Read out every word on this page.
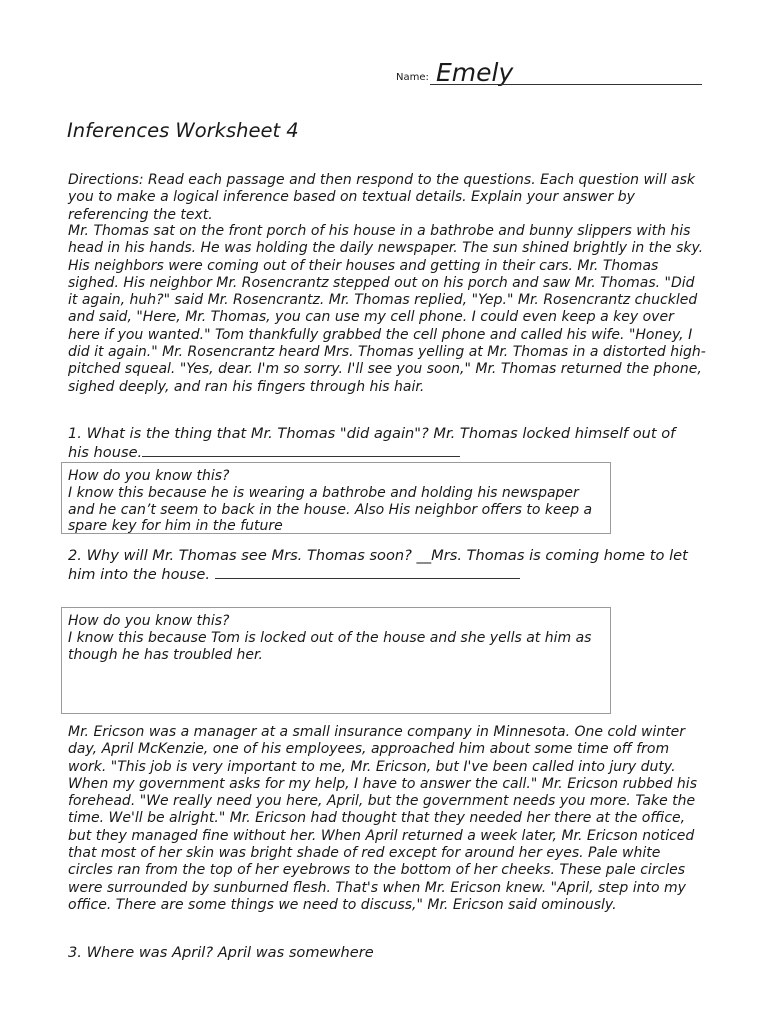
Name: Emely
Inferences Worksheet 4
Directions: Read each passage and then respond to the questions. Each question will ask you to make a logical inference based on textual details. Explain your answer by referencing the text.
Mr. Thomas sat on the front porch of his house in a bathrobe and bunny slippers with his head in his hands. He was holding the daily newspaper. The sun shined brightly in the sky. His neighbors were coming out of their houses and getting in their cars. Mr. Thomas sighed. His neighbor Mr. Rosencrantz stepped out on his porch and saw Mr. Thomas. "Did it again, huh?" said Mr. Rosencrantz. Mr. Thomas replied, "Yep." Mr. Rosencrantz chuckled and said, "Here, Mr. Thomas, you can use my cell phone. I could even keep a key over here if you wanted." Tom thankfully grabbed the cell phone and called his wife. "Honey, I did it again." Mr. Rosencrantz heard Mrs. Thomas yelling at Mr. Thomas in a distorted high-pitched squeal. "Yes, dear. I'm so sorry. I'll see you soon," Mr. Thomas returned the phone, sighed deeply, and ran his fingers through his hair.
1. What is the thing that Mr. Thomas "did again"? Mr. Thomas locked himself out of his house.
How do you know this?
I know this because he is wearing a bathrobe and holding his newspaper and he can’t seem to back in the house. Also His neighbor offers to keep a spare key for him in the future
2. Why will Mr. Thomas see Mrs. Thomas soon? __Mrs. Thomas is coming home to let him into the house.
How do you know this?
I know this because Tom is locked out of the house and she yells at him as though he has troubled her.
Mr. Ericson was a manager at a small insurance company in Minnesota. One cold winter day, April McKenzie, one of his employees, approached him about some time off from work. "This job is very important to me, Mr. Ericson, but I've been called into jury duty. When my government asks for my help, I have to answer the call." Mr. Ericson rubbed his forehead. "We really need you here, April, but the government needs you more. Take the time. We'll be alright." Mr. Ericson had thought that they needed her there at the office, but they managed fine without her. When April returned a week later, Mr. Ericson noticed that most of her skin was bright shade of red except for around her eyes. Pale white circles ran from the top of her eyebrows to the bottom of her cheeks. These pale circles were surrounded by sunburned flesh. That's when Mr. Ericson knew. "April, step into my office. There are some things we need to discuss," Mr. Ericson said ominously.
3. Where was April? April was somewhere
